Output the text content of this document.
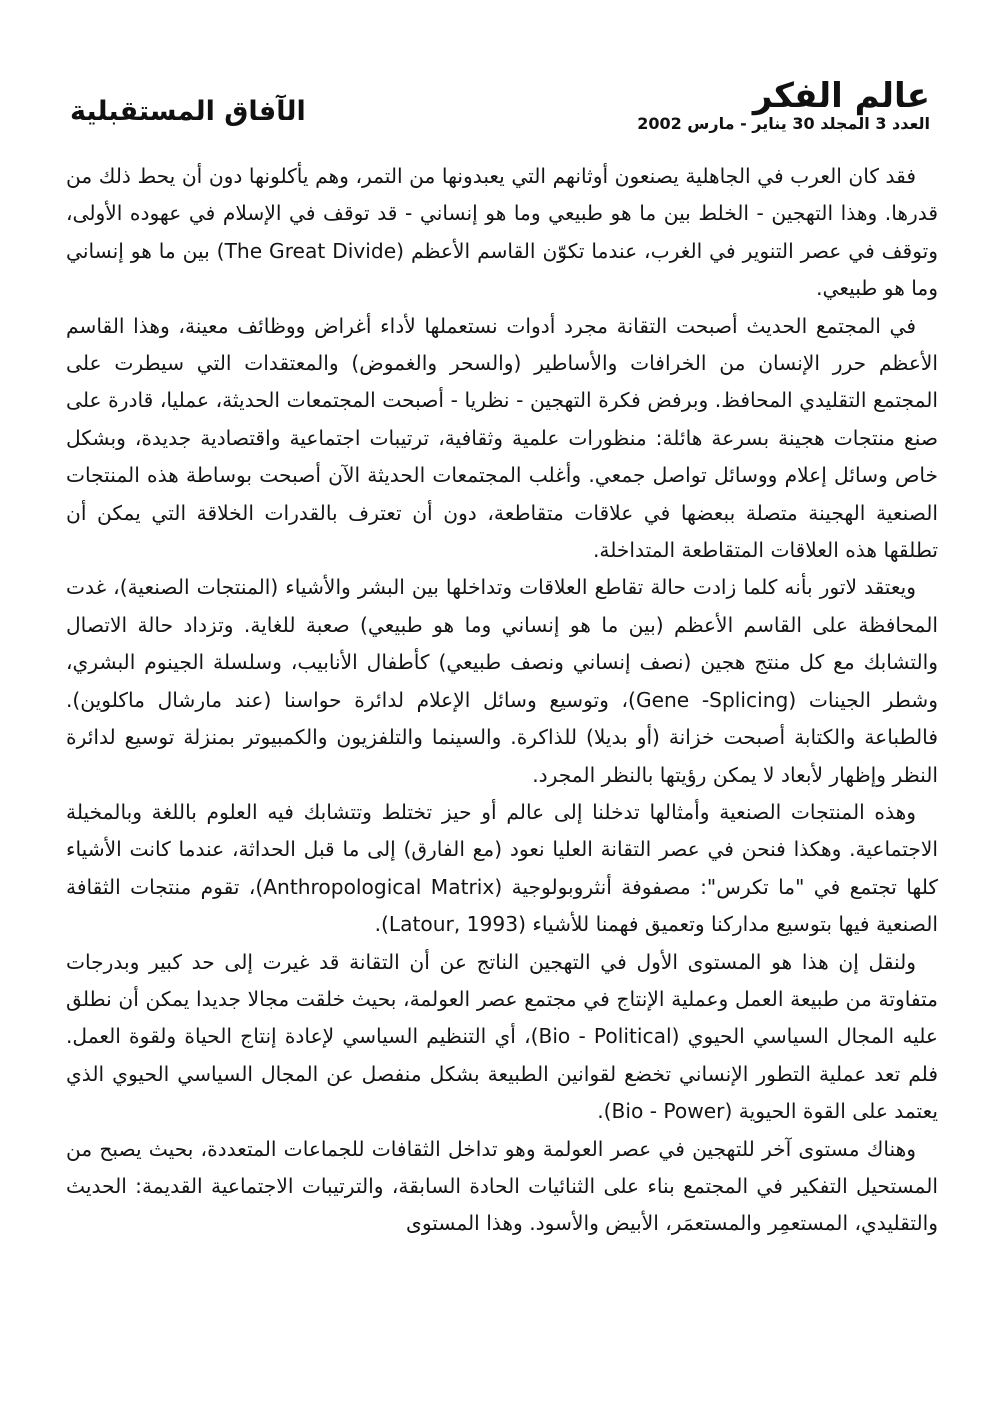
عالم الفكر
العدد 3 المجلد 30 يناير - مارس 2002
الآفاق المستقبلية

فقد كان العرب في الجاهلية يصنعون أوثانهم التي يعبدونها من التمر، وهم يأكلونها دون أن يحط ذلك من قدرها. وهذا التهجين - الخلط بين ما هو طبيعي وما هو إنساني - قد توقف في الإسلام في عهوده الأولى، وتوقف في عصر التنوير في الغرب، عندما تكوّن القاسم الأعظم (The Great Divide) بين ما هو إنساني وما هو طبيعي.

في المجتمع الحديث أصبحت التقانة مجرد أدوات نستعملها لأداء أغراض ووظائف معينة، وهذا القاسم الأعظم حرر الإنسان من الخرافات والأساطير (والسحر والغموض) والمعتقدات التي سيطرت على المجتمع التقليدي المحافظ. وبرفض فكرة التهجين - نظريا - أصبحت المجتمعات الحديثة، عمليا، قادرة على صنع منتجات هجينة بسرعة هائلة: منظورات علمية وثقافية، ترتيبات اجتماعية واقتصادية جديدة، وبشكل خاص وسائل إعلام ووسائل تواصل جمعي. وأغلب المجتمعات الحديثة الآن أصبحت بوساطة هذه المنتجات الصنعية الهجينة متصلة ببعضها في علاقات متقاطعة، دون أن تعترف بالقدرات الخلاقة التي يمكن أن تطلقها هذه العلاقات المتقاطعة المتداخلة.

ويعتقد لاتور بأنه كلما زادت حالة تقاطع العلاقات وتداخلها بين البشر والأشياء (المنتجات الصنعية)، غدت المحافظة على القاسم الأعظم (بين ما هو إنساني وما هو طبيعي) صعبة للغاية. وتزداد حالة الاتصال والتشابك مع كل منتج هجين (نصف إنساني ونصف طبيعي) كأطفال الأنابيب، وسلسلة الجينوم البشري، وشطر الجينات (Gene -Splicing)، وتوسيع وسائل الإعلام لدائرة حواسنا (عند مارشال ماكلوين). فالطباعة والكتابة أصبحت خزانة (أو بديلا) للذاكرة. والسينما والتلفزيون والكمبيوتر بمنزلة توسيع لدائرة النظر وإظهار لأبعاد لا يمكن رؤيتها بالنظر المجرد.

وهذه المنتجات الصنعية وأمثالها تدخلنا إلى عالم أو حيز تختلط وتتشابك فيه العلوم باللغة وبالمخيلة الاجتماعية. وهكذا فنحن في عصر التقانة العليا نعود (مع الفارق) إلى ما قبل الحداثة، عندما كانت الأشياء كلها تجتمع في "ما تكرس": مصفوفة أنثروبولوجية (Anthropological Matrix)، تقوم منتجات الثقافة الصنعية فيها بتوسيع مداركنا وتعميق فهمنا للأشياء (Latour, 1993).

ولنقل إن هذا هو المستوى الأول في التهجين الناتج عن أن التقانة قد غيرت إلى حد كبير وبدرجات متفاوتة من طبيعة العمل وعملية الإنتاج في مجتمع عصر العولمة، بحيث خلقت مجالا جديدا يمكن أن نطلق عليه المجال السياسي الحيوي (Bio - Political)، أي التنظيم السياسي لإعادة إنتاج الحياة ولقوة العمل. فلم تعد عملية التطور الإنساني تخضع لقوانين الطبيعة بشكل منفصل عن المجال السياسي الحيوي الذي يعتمد على القوة الحيوية (Bio - Power).

وهناك مستوى آخر للتهجين في عصر العولمة وهو تداخل الثقافات للجماعات المتعددة، بحيث يصبح من المستحيل التفكير في المجتمع بناء على الثنائيات الحادة السابقة، والترتيبات الاجتماعية القديمة: الحديث والتقليدي، المستعمِر والمستعمَر، الأبيض والأسود. وهذا المستوى
